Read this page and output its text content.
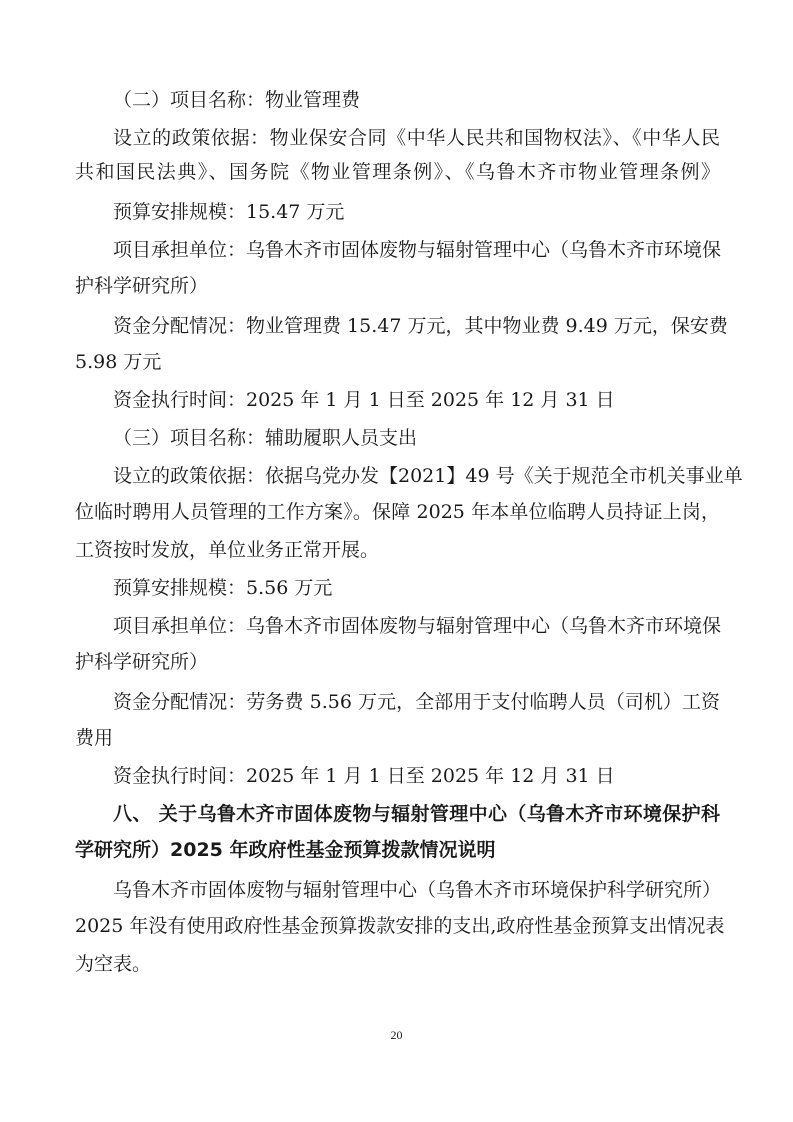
（二）项目名称：物业管理费
设立的政策依据：物业保安合同《中华人民共和国物权法》、《中华人民
共和国民法典》、国务院《物业管理条例》、《乌鲁木齐市物业管理条例》
预算安排规模：15.47 万元
项目承担单位：乌鲁木齐市固体废物与辐射管理中心（乌鲁木齐市环境保
护科学研究所）
资金分配情况：物业管理费 15.47 万元，其中物业费 9.49 万元，保安费
5.98 万元
资金执行时间：2025 年 1 月 1 日至 2025 年 12 月 31 日
（三）项目名称：辅助履职人员支出
设立的政策依据：依据乌党办发【2021】49 号《关于规范全市机关事业单
位临时聘用人员管理的工作方案》。保障 2025 年本单位临聘人员持证上岗，
工资按时发放，单位业务正常开展。
预算安排规模：5.56 万元
项目承担单位：乌鲁木齐市固体废物与辐射管理中心（乌鲁木齐市环境保
护科学研究所）
资金分配情况：劳务费 5.56 万元，全部用于支付临聘人员（司机）工资
费用
资金执行时间：2025 年 1 月 1 日至 2025 年 12 月 31 日
八、 关于乌鲁木齐市固体废物与辐射管理中心（乌鲁木齐市环境保护科
学研究所）2025 年政府性基金预算拨款情况说明
乌鲁木齐市固体废物与辐射管理中心（乌鲁木齐市环境保护科学研究所）
2025 年没有使用政府性基金预算拨款安排的支出,政府性基金预算支出情况表
为空表。
20
